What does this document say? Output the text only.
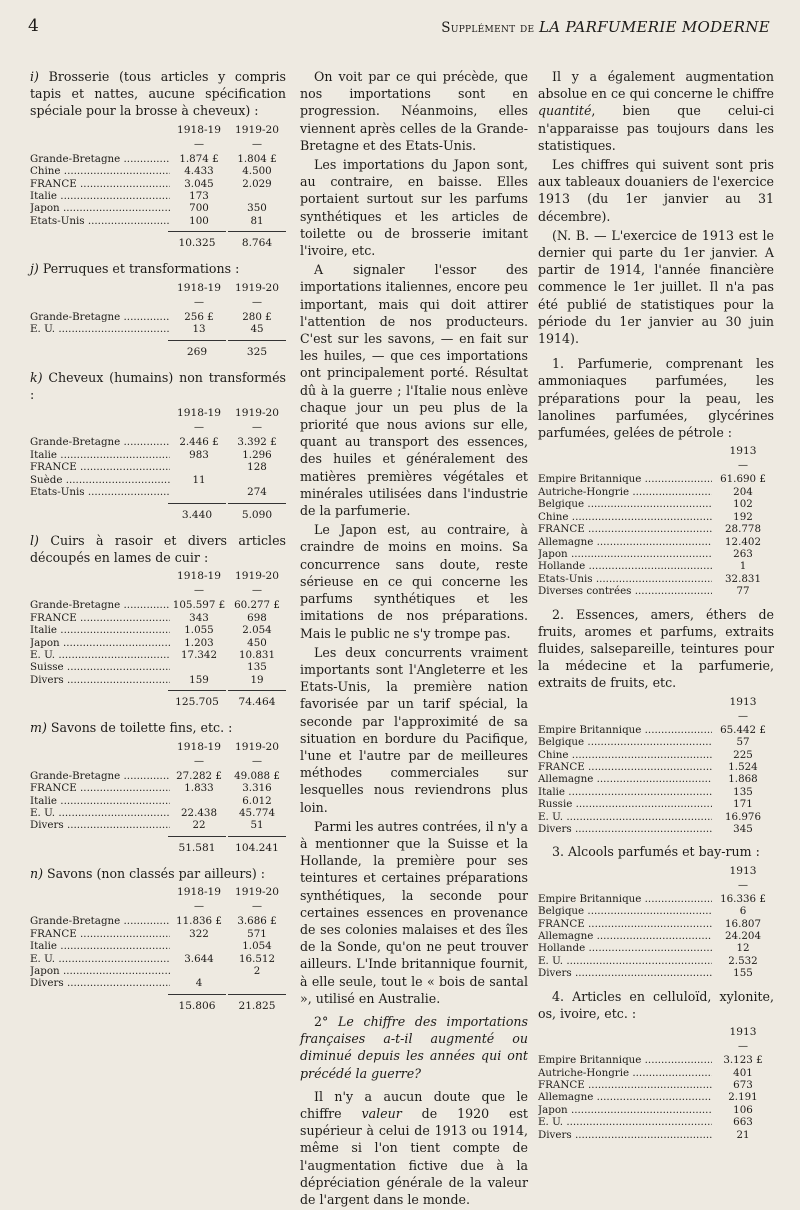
4	Supplément de LA PARFUMERIE MODERNE

i) Brosserie (tous articles y compris tapis et nattes, aucune spécification spéciale pour la brosse à cheveux) :

1918-19	1919-20
—	—
Grande-Bretagne .....	1.874 £	1.804 £
Chine .....	4.433	4.500
FRANCE .....	3.045	2.029
Italie .....	173	
Japon .....	700	350
Etats-Unis .....	100	81
10.325	8.764

j) Perruques et transformations :

1918-19	1919-20
—	—
Grande-Bretagne .....	256 £	280 £
E. U. .....	13	45
269	325

k) Cheveux (humains) non transformés :

1918-19	1919-20
—	—
Grande-Bretagne .....	2.446 £	3.392 £
Italie .....	983	1.296
FRANCE .....		128
Suède .....	11	
Etats-Unis .....		274
3.440	5.090

l) Cuirs à rasoir et divers articles découpés en lames de cuir :

1918-19	1919-20
—	—
Grande-Bretagne .....	105.597 £	60.277 £
FRANCE .....	343	698
Italie .....	1.055	2.054
Japon .....	1.203	450
E. U. .....	17.342	10.831
Suisse .....		135
Divers .....	159	19
125.705	74.464

m) Savons de toilette fins, etc. :

1918-19	1919-20
—	—
Grande-Bretagne .....	27.282 £	49.088 £
FRANCE .....	1.833	3.316
Italie .....		6.012
E. U. .....	22.438	45.774
Divers .....	22	51
51.581	104.241

n) Savons (non classés par ailleurs) :

1918-19	1919-20
—	—
Grande-Bretagne .....	11.836 £	3.686 £
FRANCE .....	322	571
Italie .....		1.054
E. U. .....	3.644	16.512
Japon .....		2
Divers .....	4	
15.806	21.825

On voit par ce qui précède, que nos importations sont en progression. Néanmoins, elles viennent après celles de la Grande-Bretagne et des Etats-Unis.

Les importations du Japon sont, au contraire, en baisse. Elles portaient surtout sur les parfums synthétiques et les articles de toilette ou de brosserie imitant l'ivoire, etc.

A signaler l'essor des importations italiennes, encore peu important, mais qui doit attirer l'attention de nos producteurs. C'est sur les savons, — en fait sur les huiles, — que ces importations ont principalement porté. Résultat dû à la guerre ; l'Italie nous enlève chaque jour un peu plus de la priorité que nous avions sur elle, quant au transport des essences, des huiles et généralement des matières premières végétales et minérales utilisées dans l'industrie de la parfumerie.

Le Japon est, au contraire, à craindre de moins en moins. Sa concurrence sans doute, reste sérieuse en ce qui concerne les parfums synthétiques et les imitations de nos préparations. Mais le public ne s'y trompe pas.

Les deux concurrents vraiment importants sont l'Angleterre et les Etats-Unis, la première nation favorisée par un tarif spécial, la seconde par l'approximité de sa situation en bordure du Pacifique, l'une et l'autre par de meilleures méthodes commerciales sur lesquelles nous reviendrons plus loin.

Parmi les autres contrées, il n'y a à mentionner que la Suisse et la Hollande, la première pour ses teintures et certaines préparations synthétiques, la seconde pour certaines essences en provenance de ses colonies malaises et des îles de la Sonde, qu'on ne peut trouver ailleurs. L'Inde britannique fournit, à elle seule, tout le « bois de santal », utilisé en Australie.

2° Le chiffre des importations françaises a-t-il augmenté ou diminué depuis les années qui ont précédé la guerre?

Il n'y a aucun doute que le chiffre valeur de 1920 est supérieur à celui de 1913 ou 1914, même si l'on tient compte de l'augmentation fictive due à la dépréciation générale de la valeur de l'argent dans le monde.

Il y a également augmentation absolue en ce qui concerne le chiffre quantité, bien que celui-ci n'apparaisse pas toujours dans les statistiques.

Les chiffres qui suivent sont pris aux tableaux douaniers de l'exercice 1913 (du 1er janvier au 31 décembre).

(N. B. — L'exercice de 1913 est le dernier qui parte du 1er janvier. A partir de 1914, l'année financière commence le 1er juillet. Il n'a pas été publié de statistiques pour la période du 1er janvier au 30 juin 1914).

1. Parfumerie, comprenant les ammoniaques parfumées, les préparations pour la peau, les lanolines parfumées, glycérines parfumées, gelées de pétrole :

1913
—
Empire Britannique .....	61.690 £
Autriche-Hongrie .....	204
Belgique .....	102
Chine .....	192
FRANCE .....	28.778
Allemagne .....	12.402
Japon .....	263
Hollande .....	1
Etats-Unis .....	32.831
Diverses contrées .....	77

2. Essences, amers, éthers de fruits, aromes et parfums, extraits fluides, salsepareille, teintures pour la médecine et la parfumerie, extraits de fruits, etc.

1913
—
Empire Britannique .....	65.442 £
Belgique .....	57
Chine .....	225
FRANCE .....	1.524
Allemagne .....	1.868
Italie .....	135
Russie .....	171
E. U. .....	16.976
Divers .....	345

3. Alcools parfumés et bay-rum :

1913
—
Empire Britannique .....	16.336 £
Belgique .....	6
FRANCE .....	16.807
Allemagne .....	24.204
Hollande .....	12
E. U. .....	2.532
Divers .....	155

4. Articles en celluloïd, xylonite, os, ivoire, etc. :

1913
—
Empire Britannique .....	3.123 £
Autriche-Hongrie .....	401
FRANCE .....	673
Allemagne .....	2.191
Japon .....	106
E. U. .....	663
Divers .....	21
